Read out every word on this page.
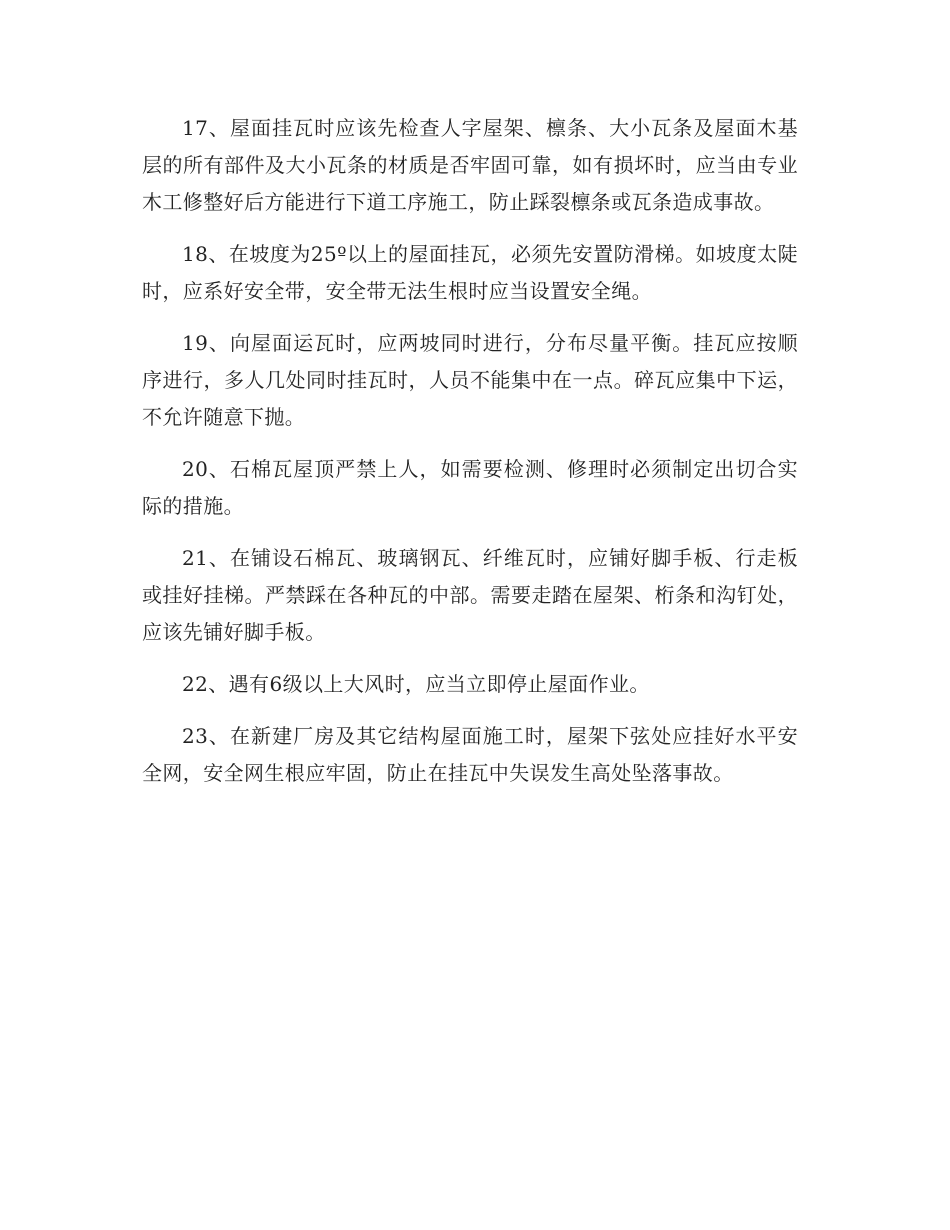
17、屋面挂瓦时应该先检查人字屋架、檩条、大小瓦条及屋面木基层的所有部件及大小瓦条的材质是否牢固可靠，如有损坏时，应当由专业木工修整好后方能进行下道工序施工，防止踩裂檩条或瓦条造成事故。

18、在坡度为25º以上的屋面挂瓦，必须先安置防滑梯。如坡度太陡时，应系好安全带，安全带无法生根时应当设置安全绳。

19、向屋面运瓦时，应两坡同时进行，分布尽量平衡。挂瓦应按顺序进行，多人几处同时挂瓦时，人员不能集中在一点。碎瓦应集中下运，不允许随意下抛。

20、石棉瓦屋顶严禁上人，如需要检测、修理时必须制定出切合实际的措施。

21、在铺设石棉瓦、玻璃钢瓦、纤维瓦时，应铺好脚手板、行走板或挂好挂梯。严禁踩在各种瓦的中部。需要走踏在屋架、桁条和沟钉处，应该先铺好脚手板。

22、遇有6级以上大风时，应当立即停止屋面作业。

23、在新建厂房及其它结构屋面施工时，屋架下弦处应挂好水平安全网，安全网生根应牢固，防止在挂瓦中失误发生高处坠落事故。
